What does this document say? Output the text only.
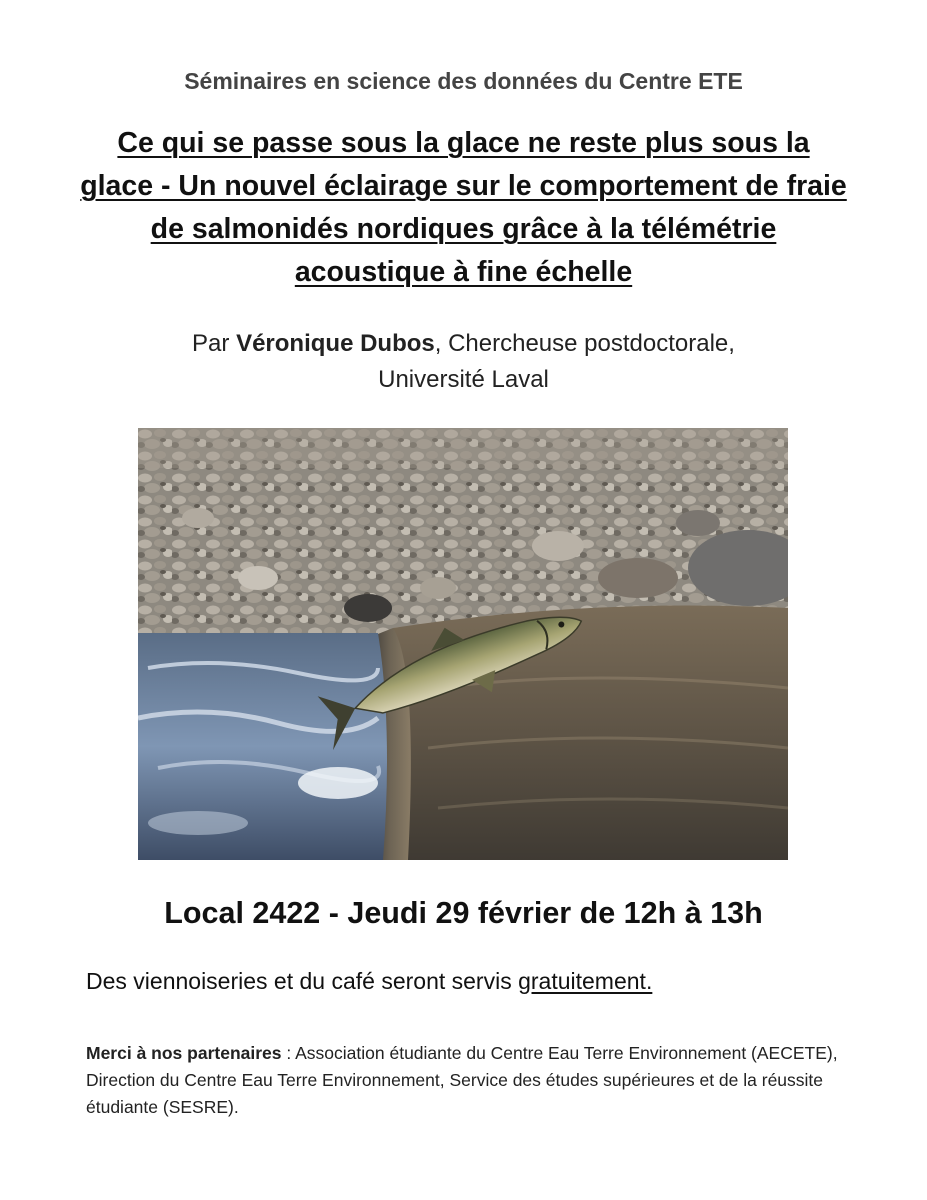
Séminaires en science des données du Centre ETE
Ce qui se passe sous la glace ne reste plus sous la glace - Un nouvel éclairage sur le comportement de fraie de salmonidés nordiques grâce à la télémétrie acoustique à fine échelle
Par Véronique Dubos, Chercheuse postdoctorale,
Université Laval
Local 2422 - Jeudi 29 février de 12h à 13h
Des viennoiseries et du café seront servis gratuitement.
Merci à nos partenaires : Association étudiante du Centre Eau Terre Environnement (AECETE), Direction du Centre Eau Terre Environnement, Service des études supérieures et de la réussite étudiante (SESRE).
